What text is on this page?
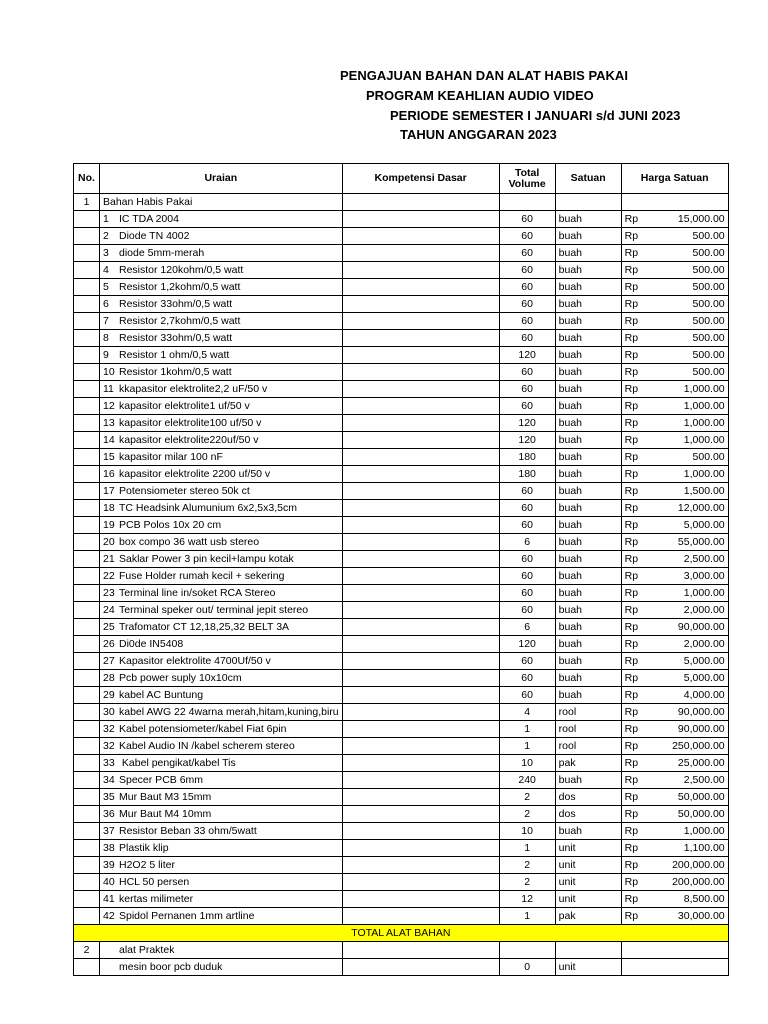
PENGAJUAN BAHAN DAN ALAT HABIS PAKAI
PROGRAM KEAHLIAN AUDIO VIDEO
PERIODE SEMESTER I JANUARI s/d JUNI 2023
TAHUN ANGGARAN 2023
No.	Uraian	Kompetensi Dasar	Total
Volume	Satuan	Harga Satuan
1	Bahan Habis Pakai				
	1 IC TDA 2004		60	buah	Rp 15,000.00

	2 Diode TN 4002		60	buah	Rp 500.00

	3 diode 5mm-merah		60	buah	Rp 500.00

	4 Resistor 120kohm/0,5 watt		60	buah	Rp 500.00

	5 Resistor 1,2kohm/0,5 watt		60	buah	Rp 500.00

	6 Resistor 33ohm/0,5 watt		60	buah	Rp 500.00

	7 Resistor 2,7kohm/0,5 watt		60	buah	Rp 500.00

	8 Resistor 33ohm/0,5 watt		60	buah	Rp 500.00

	9 Resistor 1 ohm/0,5 watt		120	buah	Rp 500.00

	10 Resistor 1kohm/0,5 watt		60	buah	Rp 500.00

	11 kkapasitor elektrolite2,2 uF/50 v		60	buah	Rp 1,000.00

	12 kapasitor elektrolite1 uf/50 v		60	buah	Rp 1,000.00

	13 kapasitor elektrolite100 uf/50 v		120	buah	Rp 1,000.00

	14 kapasitor elektrolite220uf/50 v		120	buah	Rp 1,000.00

	15 kapasitor milar 100 nF		180	buah	Rp 500.00

	16 kapasitor elektrolite 2200 uf/50 v		180	buah	Rp 1,000.00

	17 Potensiometer stereo 50k ct		60	buah	Rp 1,500.00

	18 TC Headsink Alumunium 6x2,5x3,5cm		60	buah	Rp 12,000.00

	19 PCB Polos 10x 20 cm		60	buah	Rp 5,000.00

	20 box compo 36 watt usb stereo		6	buah	Rp 55,000.00

	21 Saklar Power 3 pin kecil+lampu kotak		60	buah	Rp 2,500.00

	22 Fuse Holder rumah kecil + sekering		60	buah	Rp 3,000.00

	23 Terminal line in/soket RCA Stereo		60	buah	Rp 1,000.00

	24 Terminal speker out/ terminal jepit stereo		60	buah	Rp 2,000.00

	25 Trafomator CT 12,18,25,32 BELT 3A		6	buah	Rp 90,000.00

	26 Di0de IN5408		120	buah	Rp 2,000.00

	27 Kapasitor elektrolite 4700Uf/50 v		60	buah	Rp 5,000.00

	28 Pcb power suply 10x10cm		60	buah	Rp 5,000.00

	29 kabel AC Buntung		60	buah	Rp 4,000.00

	30 kabel AWG 22 4warna merah,hitam,kuning,biru		4	rool	Rp 90,000.00

	32 Kabel potensiometer/kabel Fiat 6pin		1	rool	Rp 90,000.00

	32 Kabel Audio IN /kabel scherem stereo		1	rool	Rp 250,000.00

	33 Kabel pengikat/kabel Tis		10	pak	Rp 25,000.00

	34 Specer PCB 6mm		240	buah	Rp 2,500.00

	35 Mur Baut M3 15mm		2	dos	Rp 50,000.00

	36 Mur Baut M4 10mm		2	dos	Rp 50,000.00

	37 Resistor Beban 33 ohm/5watt		10	buah	Rp 1,000.00

	38 Plastik klip		1	unit	Rp 1,100.00

	39 H2O2 5 liter		2	unit	Rp 200,000.00

	40 HCL 50 persen		2	unit	Rp 200,000.00

	41 kertas milimeter		12	unit	Rp 8,500.00

	42 Spidol Pernanen 1mm artline		1	pak	Rp 30,000.00

TOTAL ALAT BAHAN					
2	alat Praktek				
	mesin boor pcb duduk		0	unit	
